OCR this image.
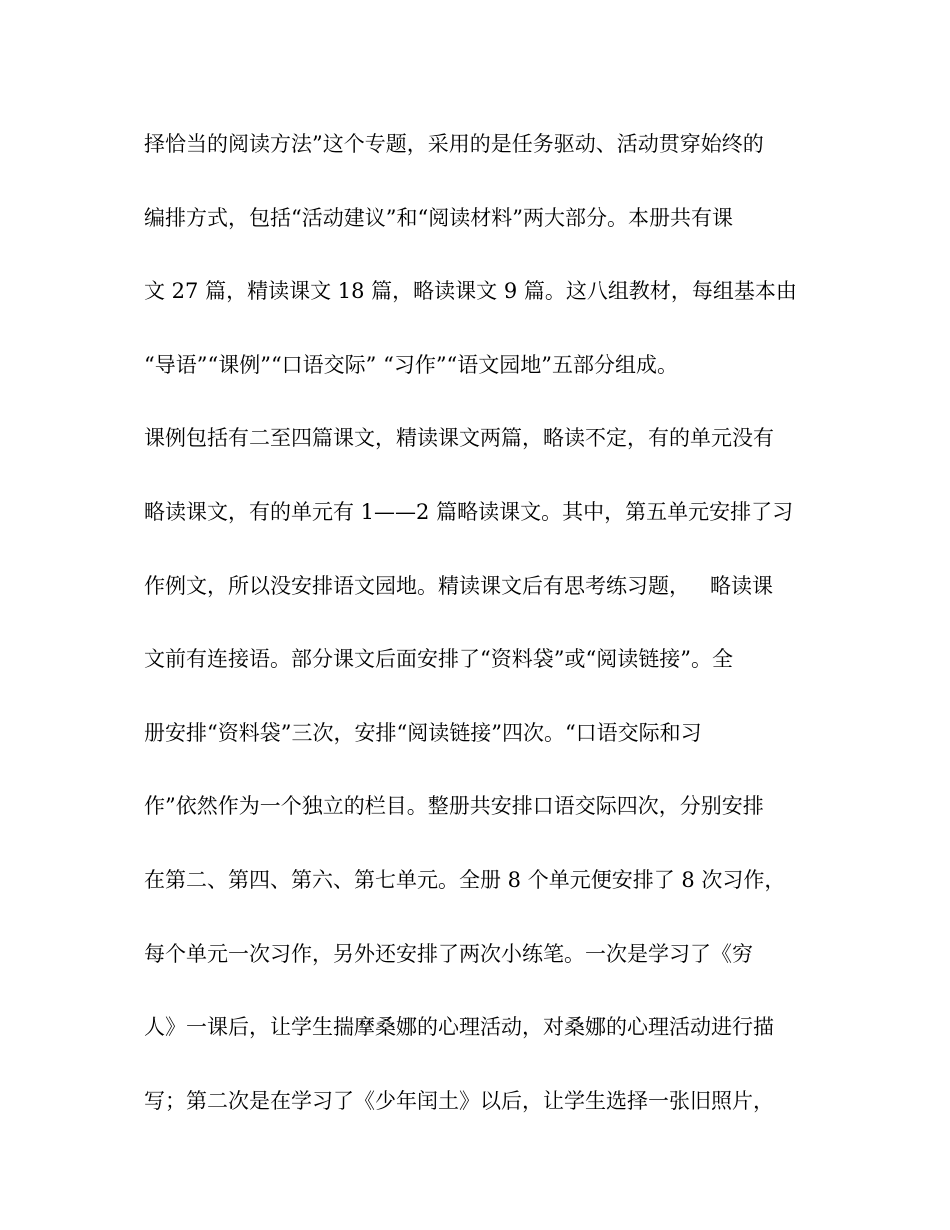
择恰当的阅读方法”这个专题，采用的是任务驱动、活动贯穿始终的
编排方式，包括“活动建议”和“阅读材料”两大部分。本册共有课
文 27 篇，精读课文 18 篇，略读课文 9 篇。这八组教材，每组基本由
“导语”“课例”“口语交际” “习作”“语文园地”五部分组成。
课例包括有二至四篇课文，精读课文两篇，略读不定，有的单元没有
略读课文，有的单元有 1——2 篇略读课文。其中，第五单元安排了习
作例文，所以没安排语文园地。精读课文后有思考练习题，   略读课
文前有连接语。部分课文后面安排了“资料袋”或“阅读链接”。全
册安排“资料袋”三次，安排“阅读链接”四次。“口语交际和习
作”依然作为一个独立的栏目。整册共安排口语交际四次，分别安排
在第二、第四、第六、第七单元。全册 8 个单元便安排了 8 次习作，
每个单元一次习作，另外还安排了两次小练笔。一次是学习了《穷
人》一课后，让学生揣摩桑娜的心理活动，对桑娜的心理活动进行描
写；第二次是在学习了《少年闰土》以后，让学生选择一张旧照片，
